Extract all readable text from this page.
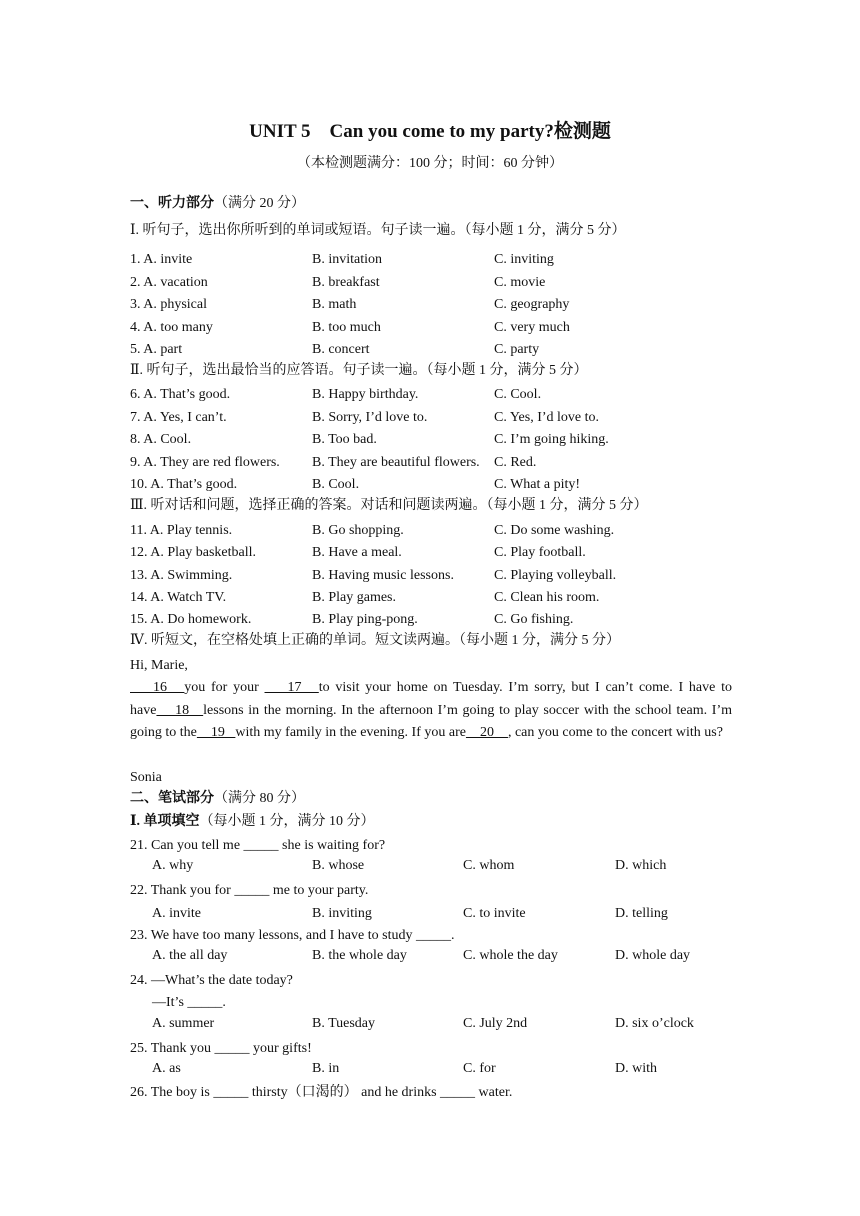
UNIT 5　Can you come to my party?检测题
（本检测题满分：100 分；时间：60 分钟）
一、听力部分（满分 20 分）
Ⅰ. 听句子，选出你所听到的单词或短语。句子读一遍。（每小题 1 分，满分 5 分）
1. A. invite	B. invitation	C. inviting
2. A. vacation	B. breakfast	C. movie
3. A. physical	B. math	C. geography
4. A. too many	B. too much	C. very much
5. A. part	B. concert	C. party
Ⅱ. 听句子，选出最恰当的应答语。句子读一遍。（每小题 1 分，满分 5 分）
6. A. That’s good.	B. Happy birthday.	C. Cool.
7. A. Yes, I can’t.	B. Sorry, I’d love to.	C. Yes, I’d love to.
8. A. Cool.	B. Too bad.	C. I’m going hiking.
9. A. They are red flowers. B. They are beautiful flowers. C. Red.
10. A. That’s good.	B. Cool.	C. What a pity!
Ⅲ. 听对话和问题，选择正确的答案。对话和问题读两遍。（每小题 1 分，满分 5 分）
11. A. Play tennis.	B. Go shopping.	C. Do some washing.
12. A. Play basketball.	B. Have a meal.	C. Play football.
13. A. Swimming.	B. Having music lessons.	C. Playing volleyball.
14. A. Watch TV.	B. Play games.	C. Clean his room.
15. A. Do homework.	B. Play ping-pong.	C. Go fishing.
Ⅳ. 听短文，在空格处填上正确的单词。短文读两遍。（每小题 1 分，满分 5 分）
Hi, Marie,
16   you for your     17   to visit your home on Tuesday. I’m sorry, but I can’t come. I have to have    18   lessons in the morning. In the afternoon I’m going to play soccer with the school team. I’m going to the    19   with my family in the evening. If you are    20    , can you come to the concert with us?
Sonia
二、笔试部分（满分 80 分）
Ⅰ. 单项填空（每小题 1 分，满分 10 分）
21. Can you tell me _____ she is waiting for?
A. why	B. whose	C. whom	D. which
22. Thank you for _____ me to your party.
A. invite	B. inviting	C. to invite	D. telling
23. We have too many lessons, and I have to study _____.
A. the all day	B. the whole day	C. whole the day	D. whole day
24. —What’s the date today?
—It’s _____.
A. summer	B. Tuesday	C. July 2nd	D. six o’clock
25. Thank you _____ your gifts!
A. as	B. in	C. for	D. with
26. The boy is _____ thirsty（口渴的） and he drinks _____ water.
